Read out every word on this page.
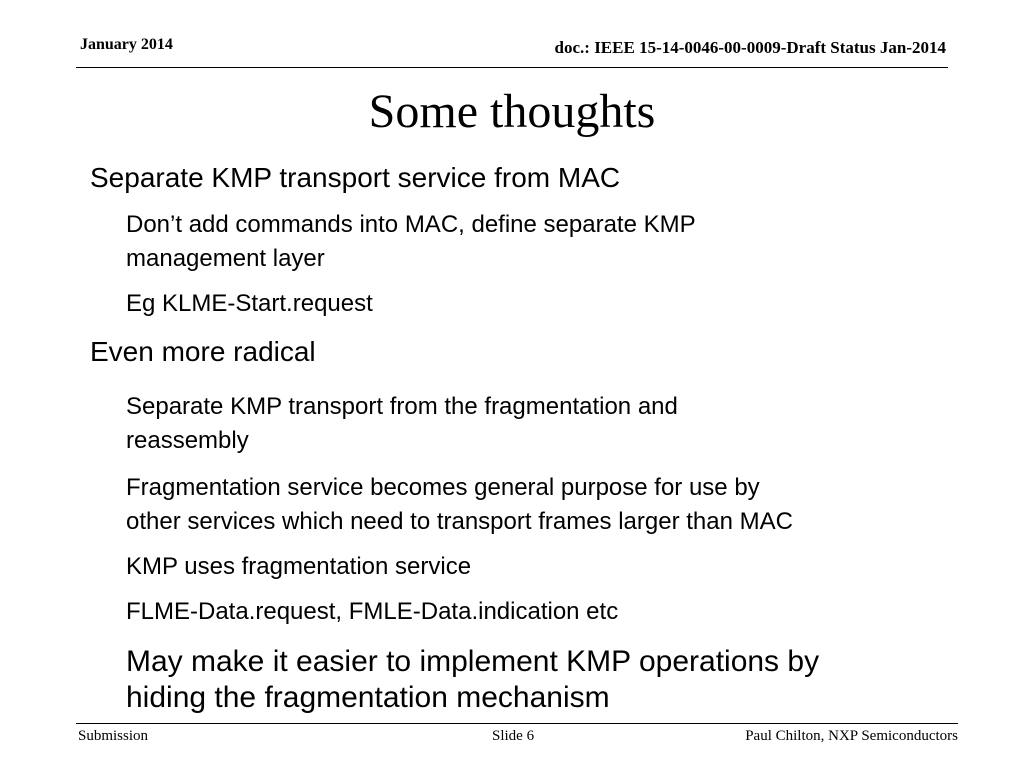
January 2014	doc.: IEEE 15-14-0046-00-0009-Draft Status Jan-2014
Some thoughts
Separate KMP transport service from MAC
Don’t add commands into MAC, define separate KMP
management layer
Eg KLME-Start.request
Even more radical
Separate KMP transport from the fragmentation and
reassembly
Fragmentation service becomes general purpose for use by
other services which need to transport frames larger than MAC
KMP uses fragmentation service
FLME-Data.request, FMLE-Data.indication etc
May make it easier to implement KMP operations by
hiding the fragmentation mechanism
Submission	Slide 6	Paul Chilton, NXP Semiconductors
